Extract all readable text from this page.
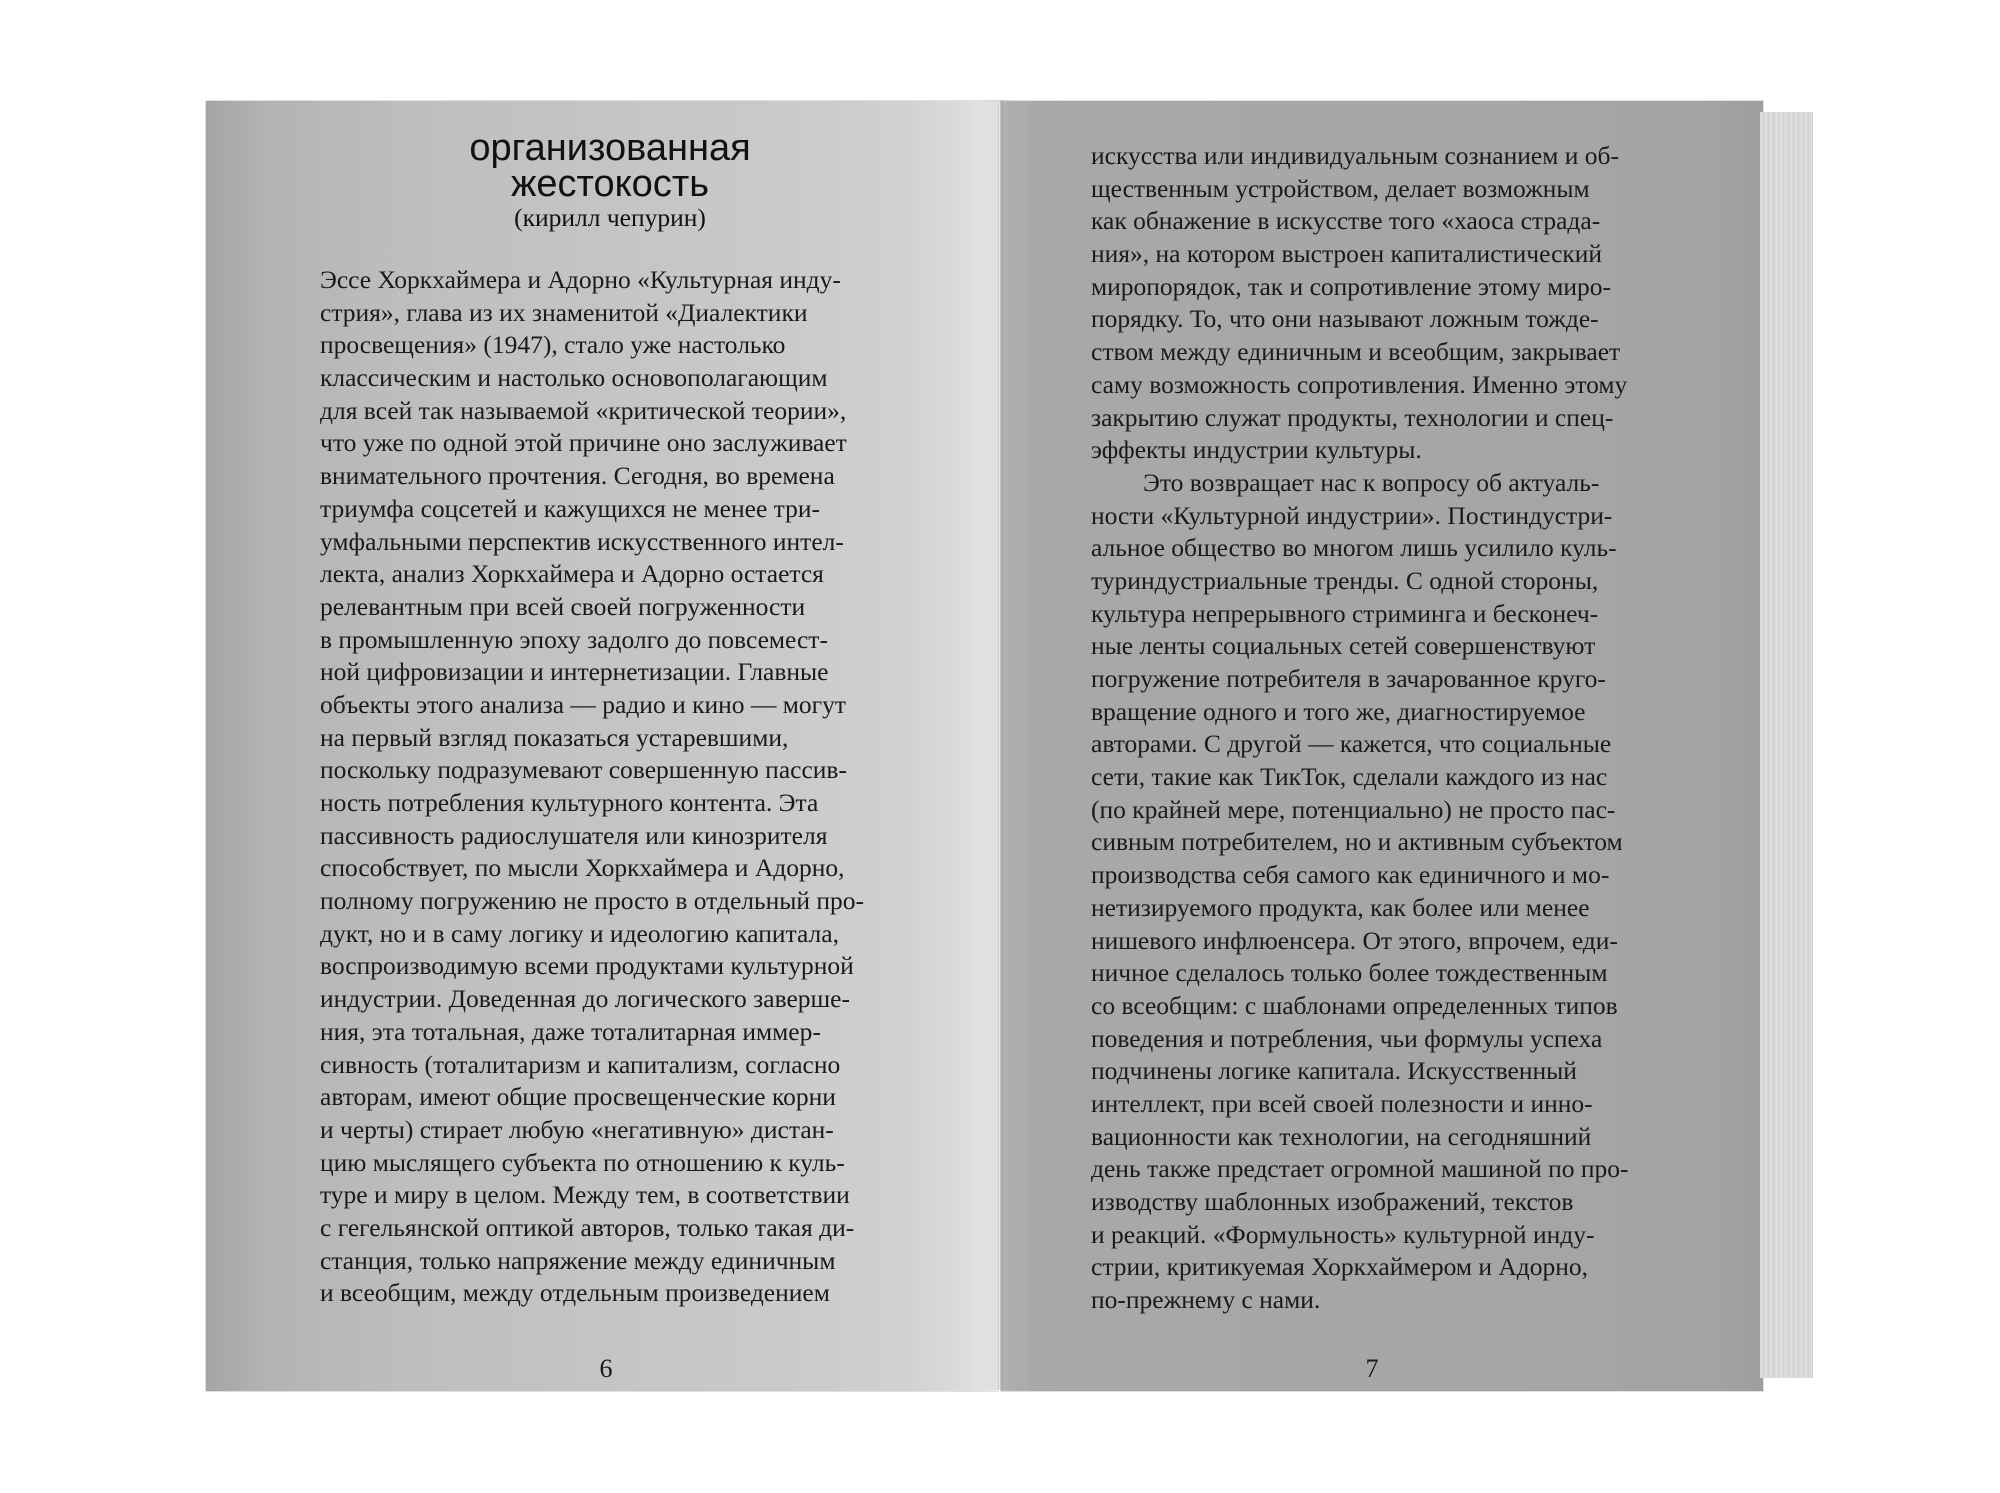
организованная
жестокость
(кирилл чепурин)
Эссе Хоркхаймера и Адорно «Культурная инду-
стрия», глава из их знаменитой «Диалектики
просвещения» (1947), стало уже настолько
классическим и настолько основополагающим
для всей так называемой «критической теории»,
что уже по одной этой причине оно заслуживает
внимательного прочтения. Сегодня, во времена
триумфа соцсетей и кажущихся не менее три-
умфальными перспектив искусственного интел-
лекта, анализ Хоркхаймера и Адорно остается
релевантным при всей своей погруженности
в промышленную эпоху задолго до повсемест-
ной цифровизации и интернетизации. Главные
объекты этого анализа — радио и кино — могут
на первый взгляд показаться устаревшими,
поскольку подразумевают совершенную пассив-
ность потребления культурного контента. Эта
пассивность радиослушателя или кинозрителя
способствует, по мысли Хоркхаймера и Адорно,
полному погружению не просто в отдельный про-
дукт, но и в саму логику и идеологию капитала,
воспроизводимую всеми продуктами культурной
индустрии. Доведенная до логического заверше-
ния, эта тотальная, даже тоталитарная иммер-
сивность (тоталитаризм и капитализм, согласно
авторам, имеют общие просвещенческие корни
и черты) стирает любую «негативную» дистан-
цию мыслящего субъекта по отношению к куль-
туре и миру в целом. Между тем, в соответствии
с гегельянской оптикой авторов, только такая ди-
станция, только напряжение между единичным
и всеобщим, между отдельным произведением
искусства или индивидуальным сознанием и об-
щественным устройством, делает возможным
как обнажение в искусстве того «хаоса страда-
ния», на котором выстроен капиталистический
миропорядок, так и сопротивление этому миро-
порядку. То, что они называют ложным тожде-
ством между единичным и всеобщим, закрывает
саму возможность сопротивления. Именно этому
закрытию служат продукты, технологии и спец-
эффекты индустрии культуры.
Это возвращает нас к вопросу об актуаль-
ности «Культурной индустрии». Постиндустри-
альное общество во многом лишь усилило куль-
туриндустриальные тренды. С одной стороны,
культура непрерывного стриминга и бесконеч-
ные ленты социальных сетей совершенствуют
погружение потребителя в зачарованное круго-
вращение одного и того же, диагностируемое
авторами. С другой — кажется, что социальные
сети, такие как ТикТок, сделали каждого из нас
(по крайней мере, потенциально) не просто пас-
сивным потребителем, но и активным субъектом
производства себя самого как единичного и мо-
нетизируемого продукта, как более или менее
нишевого инфлюенсера. От этого, впрочем, еди-
ничное сделалось только более тождественным
со всеобщим: с шаблонами определенных типов
поведения и потребления, чьи формулы успеха
подчинены логике капитала. Искусственный
интеллект, при всей своей полезности и инно-
вационности как технологии, на сегодняшний
день также предстает огромной машиной по про-
изводству шаблонных изображений, текстов
и реакций. «Формульность» культурной инду-
стрии, критикуемая Хоркхаймером и Адорно,
по-прежнему с нами.
6	7
